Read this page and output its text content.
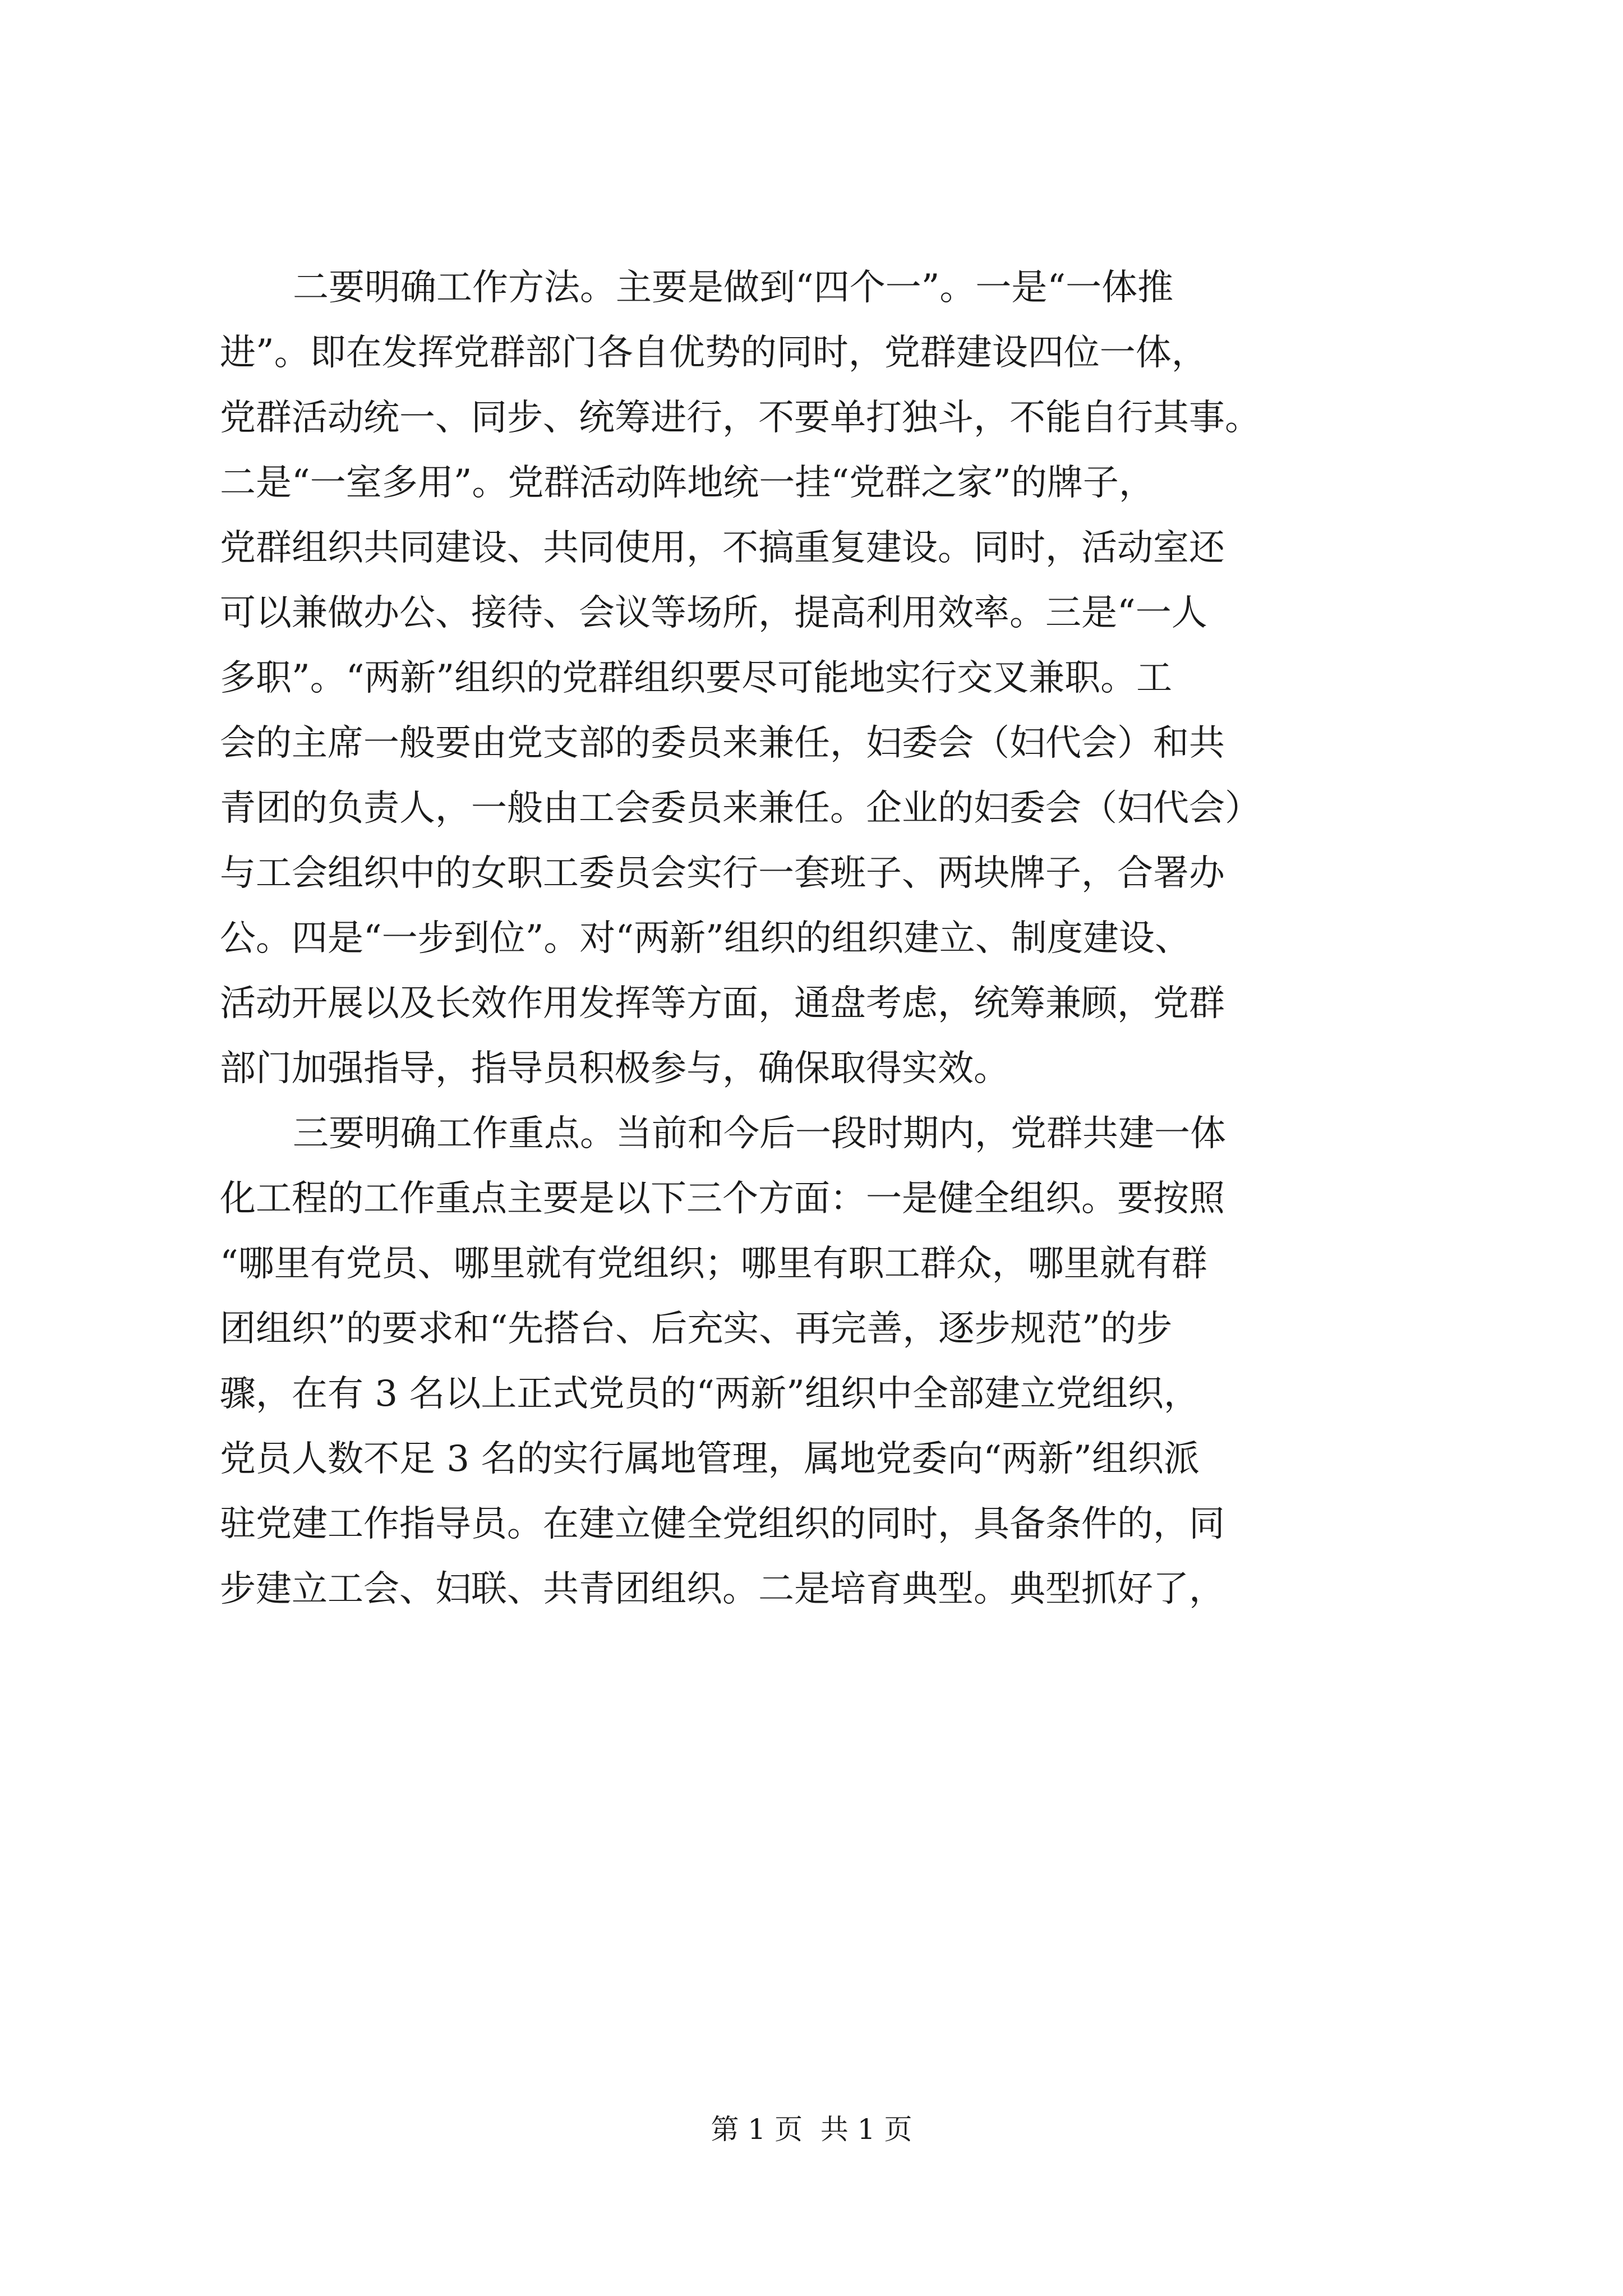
二要明确工作方法。主要是做到“四个一”。一是“一体推
进”。即在发挥党群部门各自优势的同时，党群建设四位一体，
党群活动统一、同步、统筹进行，不要单打独斗，不能自行其事。
二是“一室多用”。党群活动阵地统一挂“党群之家”的牌子，
党群组织共同建设、共同使用，不搞重复建设。同时，活动室还
可以兼做办公、接待、会议等场所，提高利用效率。三是“一人
多职”。“两新”组织的党群组织要尽可能地实行交叉兼职。工
会的主席一般要由党支部的委员来兼任，妇委会（妇代会）和共
青团的负责人，一般由工会委员来兼任。企业的妇委会（妇代会）
与工会组织中的女职工委员会实行一套班子、两块牌子，合署办
公。四是“一步到位”。对“两新”组织的组织建立、制度建设、
活动开展以及长效作用发挥等方面，通盘考虑，统筹兼顾，党群
部门加强指导，指导员积极参与，确保取得实效。
三要明确工作重点。当前和今后一段时期内，党群共建一体
化工程的工作重点主要是以下三个方面：一是健全组织。要按照
“哪里有党员、哪里就有党组织；哪里有职工群众，哪里就有群
团组织”的要求和“先搭台、后充实、再完善，逐步规范”的步
骤，在有 3 名以上正式党员的“两新”组织中全部建立党组织，
党员人数不足 3 名的实行属地管理，属地党委向“两新”组织派
驻党建工作指导员。在建立健全党组织的同时，具备条件的，同
步建立工会、妇联、共青团组织。二是培育典型。典型抓好了，
第 1 页  共 1 页
